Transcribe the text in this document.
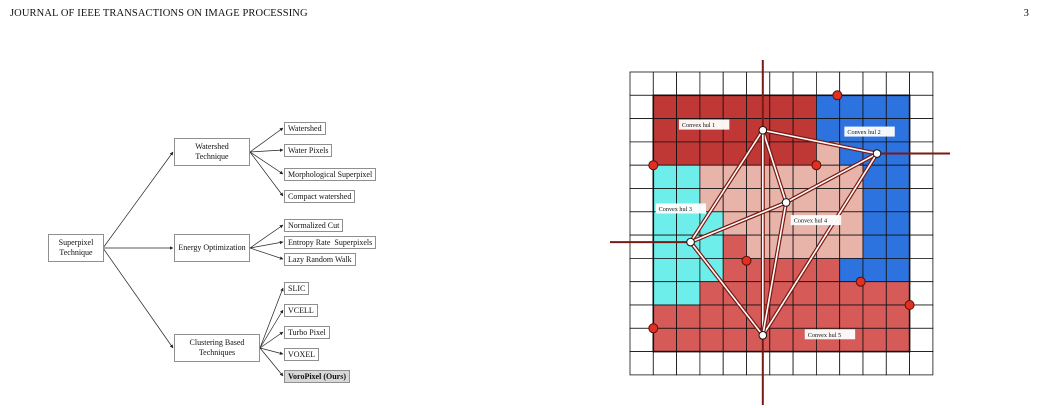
JOURNAL OF IEEE TRANSACTIONS ON IMAGE PROCESSING	3
Superpixel Technique
Watershed Technique
Energy Optimization
Clustering Based Techniques
Watershed
Water Pixels
Morphological Superpixel
Compact watershed
Normalized Cut
Entropy Rate  Superpixels
Lazy Random Walk
SLIC
VCELL
Turbo Pixel
VOXEL
VoroPixel (Ours)
Convex hul 1
Convex hul 2
Convex hul 3
Convex hul 4
Convex hul 5
